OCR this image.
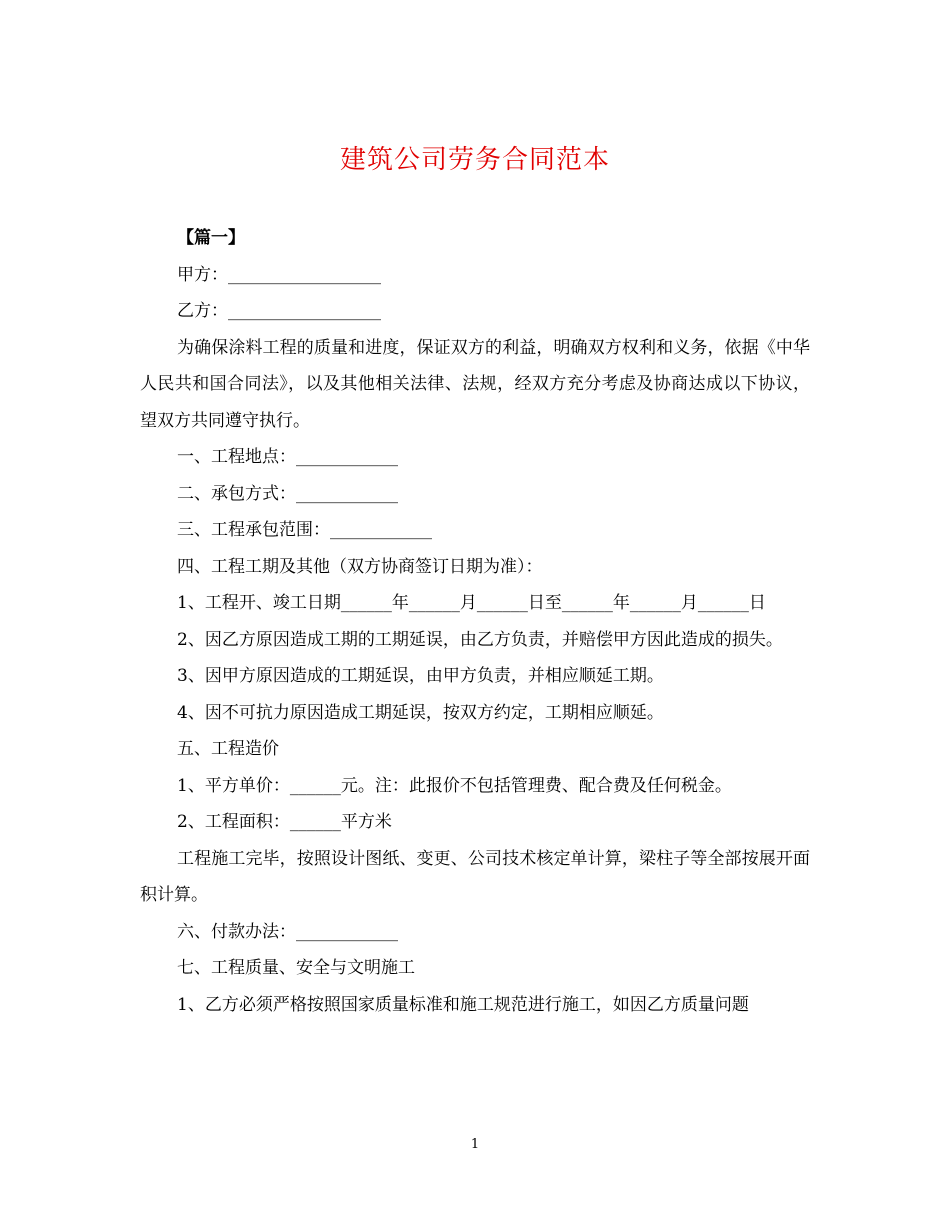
建筑公司劳务合同范本

【篇一】

甲方：__________________

乙方：__________________

为确保涂料工程的质量和进度，保证双方的利益，明确双方权利和义务，依据《中华人民共和国合同法》，以及其他相关法律、法规，经双方充分考虑及协商达成以下协议，望双方共同遵守执行。

一、工程地点：____________

二、承包方式：____________

三、工程承包范围：____________

四、工程工期及其他（双方协商签订日期为准）：

1、工程开、竣工日期______年______月______日至______年______月______日

2、因乙方原因造成工期的工期延误，由乙方负责，并赔偿甲方因此造成的损失。

3、因甲方原因造成的工期延误，由甲方负责，并相应顺延工期。

4、因不可抗力原因造成工期延误，按双方约定，工期相应顺延。

五、工程造价

1、平方单价：______元。注：此报价不包括管理费、配合费及任何税金。

2、工程面积：______平方米

工程施工完毕，按照设计图纸、变更、公司技术核定单计算，梁柱子等全部按展开面积计算。

六、付款办法：____________

七、工程质量、安全与文明施工

1、乙方必须严格按照国家质量标准和施工规范进行施工，如因乙方质量问题

1
